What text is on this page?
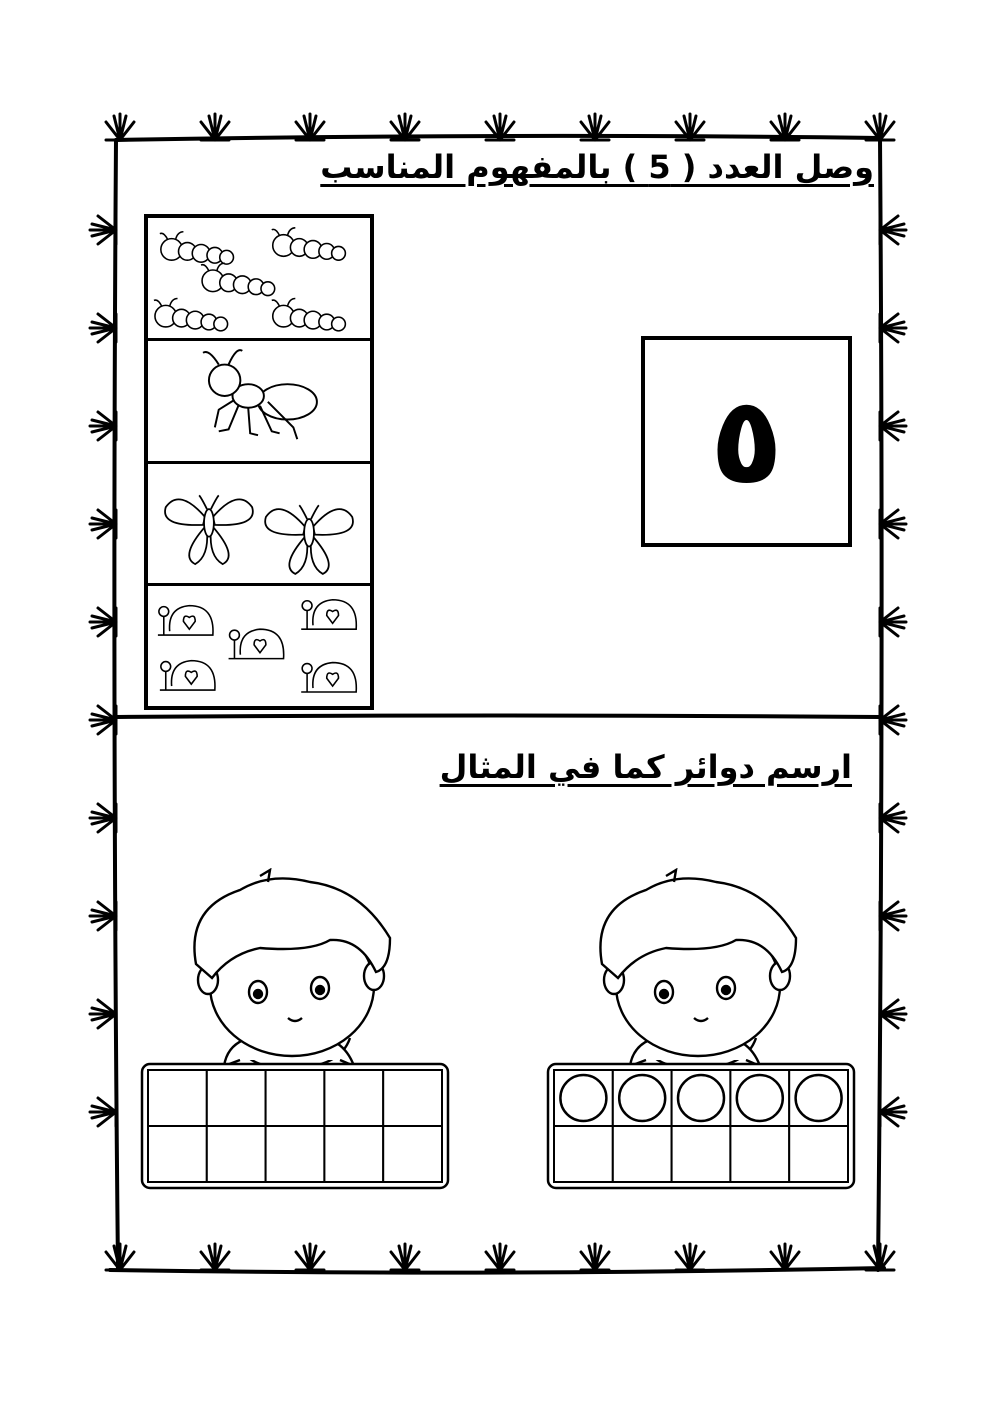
وصل العدد ( 5 ) بالمفهوم المناسب
٥
ارسم دوائر كما في المثال
